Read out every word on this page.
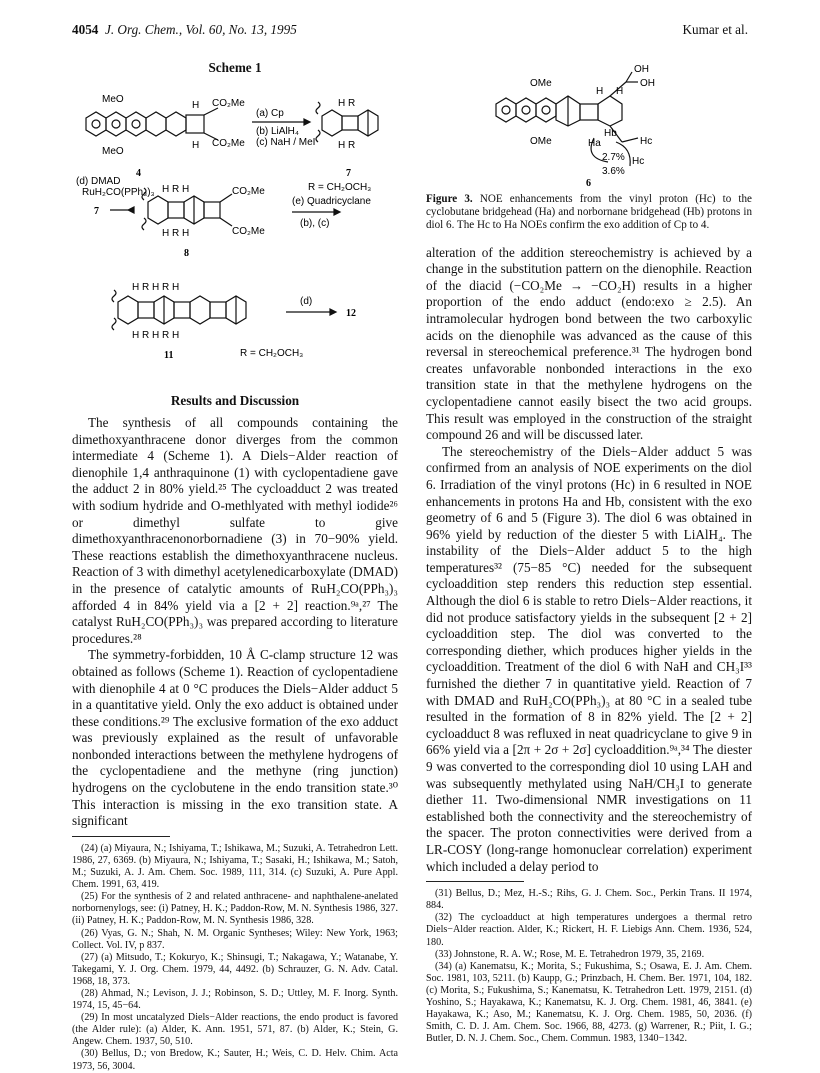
4054 J. Org. Chem., Vol. 60, No. 13, 1995	Kumar et al.
Scheme 1
MeO
MeO
H
H
CO₂Me
CO₂Me
(a) Cp
(b) LiAlH₄
(c) NaH / MeI
4	7
H R
H R
R = CH₂OCH₃
(d) DMAD
RuH₂CO(PPh₃)₃
7
H R H
H R H
CO₂Me
CO₂Me
(e) Quadricyclane
(b), (c)
8
H R H R H
H R H R H
(d)
12
11	R = CH₂OCH₃
Results and Discussion

The synthesis of all compounds containing the dimethoxyanthracene donor diverges from the common intermediate 4 (Scheme 1). A Diels−Alder reaction of dienophile 1,4 anthraquinone (1) with cyclopentadiene gave the adduct 2 in 80% yield.²⁵ The cycloadduct 2 was treated with sodium hydride and O-methlyated with methyl iodide²⁶ or dimethyl sulfate to give dimethoxyanthracenonorbornadiene (3) in 70−90% yield. These reactions establish the dimethoxyanthracene nucleus. Reaction of 3 with dimethyl acetylenedicarboxylate (DMAD) in the presence of catalytic amounts of RuH₂CO(PPh₃)₃ afforded 4 in 84% yield via a [2 + 2] reaction.⁹ᵃ,²⁷ The catalyst RuH₂CO(PPh₃)₃ was prepared according to literature procedures.²⁸

The symmetry-forbidden, 10 Å C-clamp structure 12 was obtained as follows (Scheme 1). Reaction of cyclopentadiene with dienophile 4 at 0 °C produces the Diels−Alder adduct 5 in a quantitative yield. Only the exo adduct is obtained under these conditions.²⁹ The exclusive formation of the exo adduct was previously explained as the result of unfavorable nonbonded interactions between the methylene hydrogens of the cyclopentadiene and the methyne (ring junction) hydrogens on the cyclobutene in the endo transition state.³⁰ This interaction is missing in the exo transition state. A significant

(24) (a) Miyaura, N.; Ishiyama, T.; Ishikawa, M.; Suzuki, A. Tetrahedron Lett. 1986, 27, 6369. (b) Miyaura, N.; Ishiyama, T.; Sasaki, H.; Ishikawa, M.; Satoh, M.; Suzuki, A. J. Am. Chem. Soc. 1989, 111, 314. (c) Suzuki, A. Pure Appl. Chem. 1991, 63, 419.

(25) For the synthesis of 2 and related anthracene- and naphthalene-anelated norbornenylogs, see: (i) Patney, H. K.; Paddon-Row, M. N. Synthesis 1986, 327. (ii) Patney, H. K.; Paddon-Row, M. N. Synthesis 1986, 328.

(26) Vyas, G. N.; Shah, N. M. Organic Syntheses; Wiley: New York, 1963; Collect. Vol. IV, p 837.

(27) (a) Mitsudo, T.; Kokuryo, K.; Shinsugi, T.; Nakagawa, Y.; Watanabe, Y. Takegami, Y. J. Org. Chem. 1979, 44, 4492. (b) Schrauzer, G. N. Adv. Catal. 1968, 18, 373.

(28) Ahmad, N.; Levison, J. J.; Robinson, S. D.; Uttley, M. F. Inorg. Synth. 1974, 15, 45−64.

(29) In most uncatalyzed Diels−Alder reactions, the endo product is favored (the Alder rule): (a) Alder, K. Ann. 1951, 571, 87. (b) Alder, K.; Stein, G. Angew. Chem. 1937, 50, 510.

(30) Bellus, D.; von Bredow, K.; Sauter, H.; Weis, C. D. Helv. Chim. Acta 1973, 56, 3004.

OH
OH
OMe
OMe
H H
Hb
Ha	Hc
Hc
2.7%
3.6%
6
Figure 3. NOE enhancements from the vinyl proton (Hc) to the cyclobutane bridgehead (Ha) and norbornane bridgehead (Hb) protons in diol 6. The Hc to Ha NOEs confirm the exo addition of Cp to 4.

alteration of the addition stereochemistry is achieved by a change in the substitution pattern on the dienophile. Reaction of the diacid (−CO₂Me → −CO₂H) results in a higher proportion of the endo adduct (endo:exo ≥ 2.5). An intramolecular hydrogen bond between the two carboxylic acids on the dienophile was advanced as the cause of this reversal in stereochemical preference.³¹ The hydrogen bond creates unfavorable nonbonded interactions in the exo transition state in that the methylene hydrogens on the cyclopentadiene cannot easily bisect the two acid groups. This result was employed in the construction of the straight compound 26 and will be discussed later.

The stereochemistry of the Diels−Alder adduct 5 was confirmed from an analysis of NOE experiments on the diol 6. Irradiation of the vinyl protons (Hc) in 6 resulted in NOE enhancements in protons Ha and Hb, consistent with the exo geometry of 6 and 5 (Figure 3). The diol 6 was obtained in 96% yield by reduction of the diester 5 with LiAlH₄. The instability of the Diels−Alder adduct 5 to the high temperatures³² (75−85 °C) needed for the subsequent cycloaddition step renders this reduction step essential. Although the diol 6 is stable to retro Diels−Alder reactions, it did not produce satisfactory yields in the subsequent [2 + 2] cycloaddition step. The diol was converted to the corresponding diether, which produces higher yields in the cycloaddition. Treatment of the diol 6 with NaH and CH₃I³³ furnished the diether 7 in quantitative yield. Reaction of 7 with DMAD and RuH₂CO(PPh₃)₃ at 80 °C in a sealed tube resulted in the formation of 8 in 82% yield. The [2 + 2] cycloadduct 8 was refluxed in neat quadricyclane to give 9 in 66% yield via a [2π + 2σ + 2σ] cycloaddition.⁹ᵃ,³⁴ The diester 9 was converted to the corresponding diol 10 using LAH and was subsequently methylated using NaH/CH₃I to generate diether 11. Two-dimensional NMR investigations on 11 established both the connectivity and the stereochemistry of the spacer. The proton connectivities were derived from a LR-COSY (long-range homonuclear correlation) experiment which included a delay period to

(31) Bellus, D.; Mez, H.-S.; Rihs, G. J. Chem. Soc., Perkin Trans. II 1974, 884.

(32) The cycloadduct at high temperatures undergoes a thermal retro Diels−Alder reaction. Alder, K.; Rickert, H. F. Liebigs Ann. Chem. 1936, 524, 180.

(33) Johnstone, R. A. W.; Rose, M. E. Tetrahedron 1979, 35, 2169.

(34) (a) Kanematsu, K.; Morita, S.; Fukushima, S.; Osawa, E. J. Am. Chem. Soc. 1981, 103, 5211. (b) Kaupp, G.; Prinzbach, H. Chem. Ber. 1971, 104, 182. (c) Morita, S.; Fukushima, S.; Kanematsu, K. Tetrahedron Lett. 1979, 2151. (d) Yoshino, S.; Hayakawa, K.; Kanematsu, K. J. Org. Chem. 1981, 46, 3841. (e) Hayakawa, K.; Aso, M.; Kanematsu, K. J. Org. Chem. 1985, 50, 2036. (f) Smith, C. D. J. Am. Chem. Soc. 1966, 88, 4273. (g) Warrener, R.; Piit, I. G.; Butler, D. N. J. Chem. Soc., Chem. Commun. 1983, 1340−1342.
